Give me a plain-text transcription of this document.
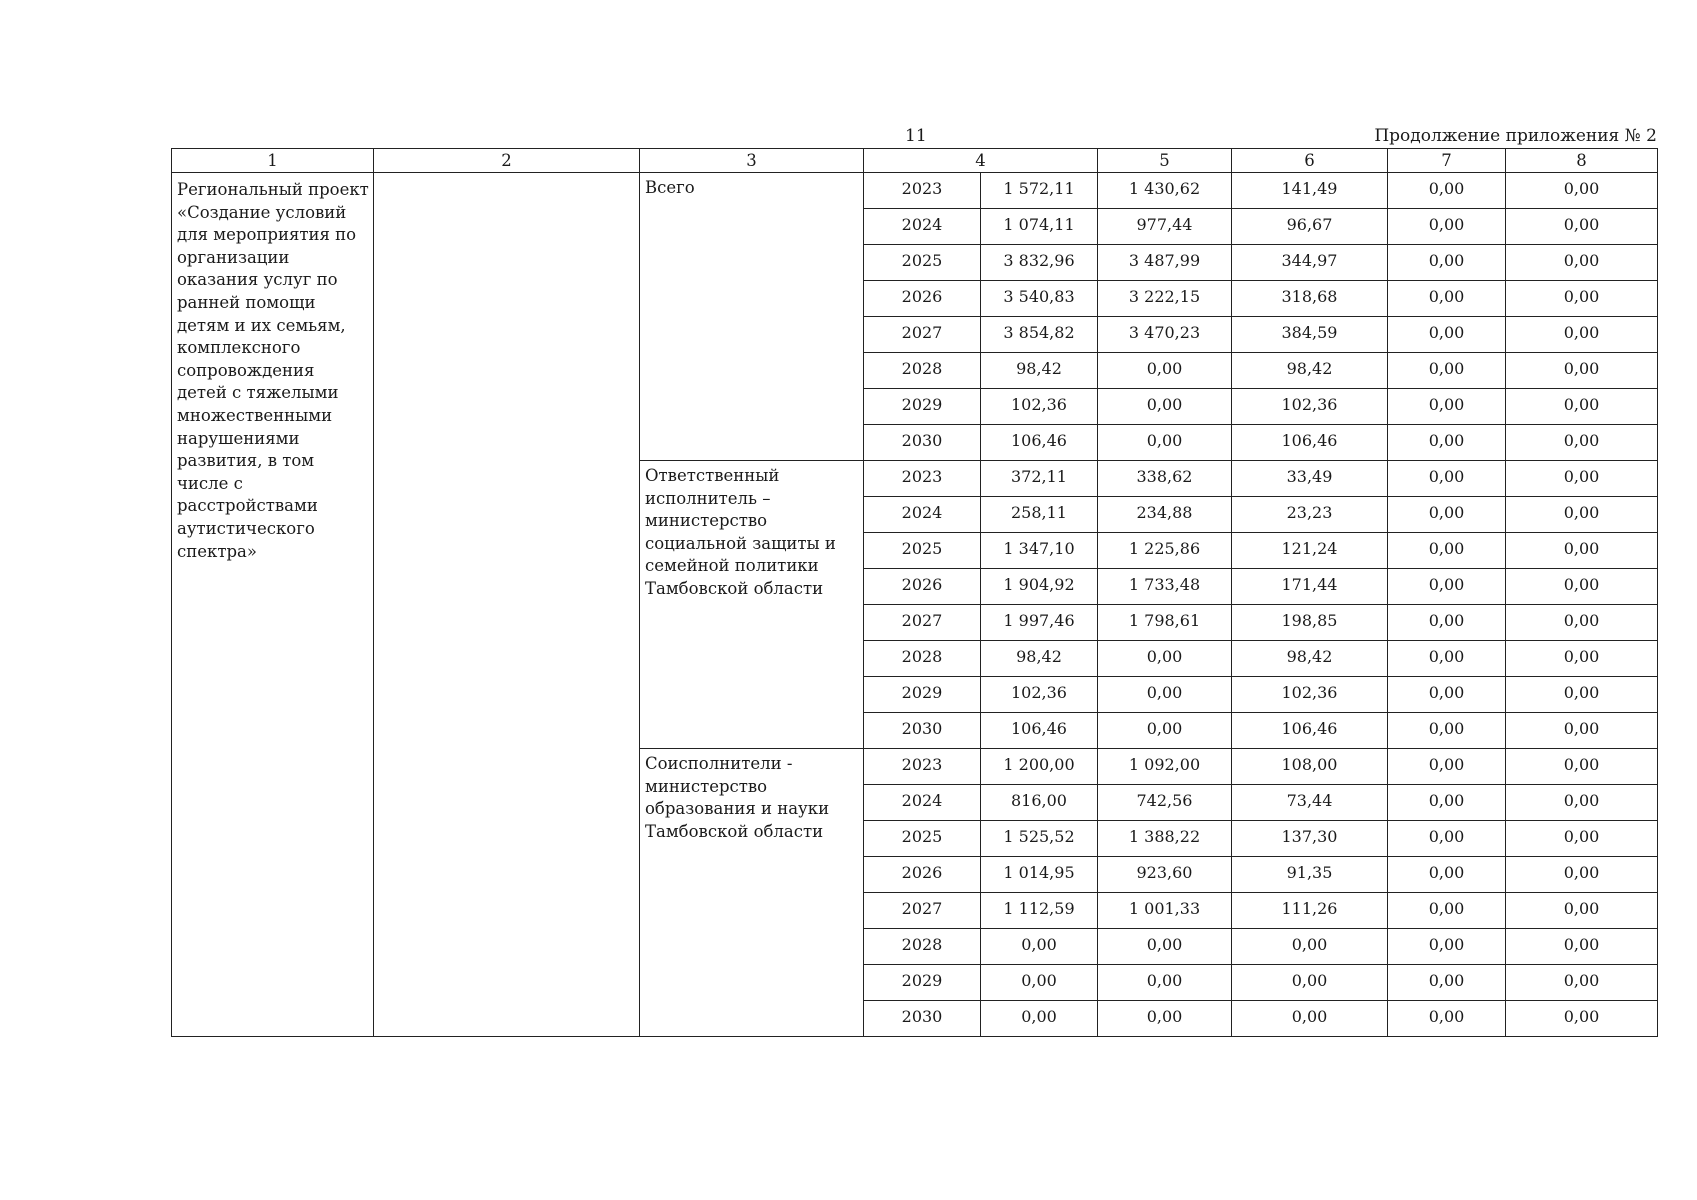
11	Продолжение приложения № 2
1	2	3	4		5	6	7	8
Региональный проект «Создание условий для мероприятия по организации оказания услуг по ранней помощи детям и их семьям, комплексного сопровождения детей с тяжелыми множественными нарушениями развития, в том числе с расстройствами аутистического спектра»		Всего	2023	1 572,11	1 430,62	141,49	0,00	0,00
			2024	1 074,11	977,44	96,67	0,00	0,00
			2025	3 832,96	3 487,99	344,97	0,00	0,00
			2026	3 540,83	3 222,15	318,68	0,00	0,00
			2027	3 854,82	3 470,23	384,59	0,00	0,00
			2028	98,42	0,00	98,42	0,00	0,00
			2029	102,36	0,00	102,36	0,00	0,00
			2030	106,46	0,00	106,46	0,00	0,00
		Ответственный исполнитель – министерство социальной защиты и семейной политики Тамбовской области	2023	372,11	338,62	33,49	0,00	0,00
			2024	258,11	234,88	23,23	0,00	0,00
			2025	1 347,10	1 225,86	121,24	0,00	0,00
			2026	1 904,92	1 733,48	171,44	0,00	0,00
			2027	1 997,46	1 798,61	198,85	0,00	0,00
			2028	98,42	0,00	98,42	0,00	0,00
			2029	102,36	0,00	102,36	0,00	0,00
			2030	106,46	0,00	106,46	0,00	0,00
		Соисполнители - министерство образования и науки Тамбовской области	2023	1 200,00	1 092,00	108,00	0,00	0,00
			2024	816,00	742,56	73,44	0,00	0,00
			2025	1 525,52	1 388,22	137,30	0,00	0,00
			2026	1 014,95	923,60	91,35	0,00	0,00
			2027	1 112,59	1 001,33	111,26	0,00	0,00
			2028	0,00	0,00	0,00	0,00	0,00
			2029	0,00	0,00	0,00	0,00	0,00
			2030	0,00	0,00	0,00	0,00	0,00
